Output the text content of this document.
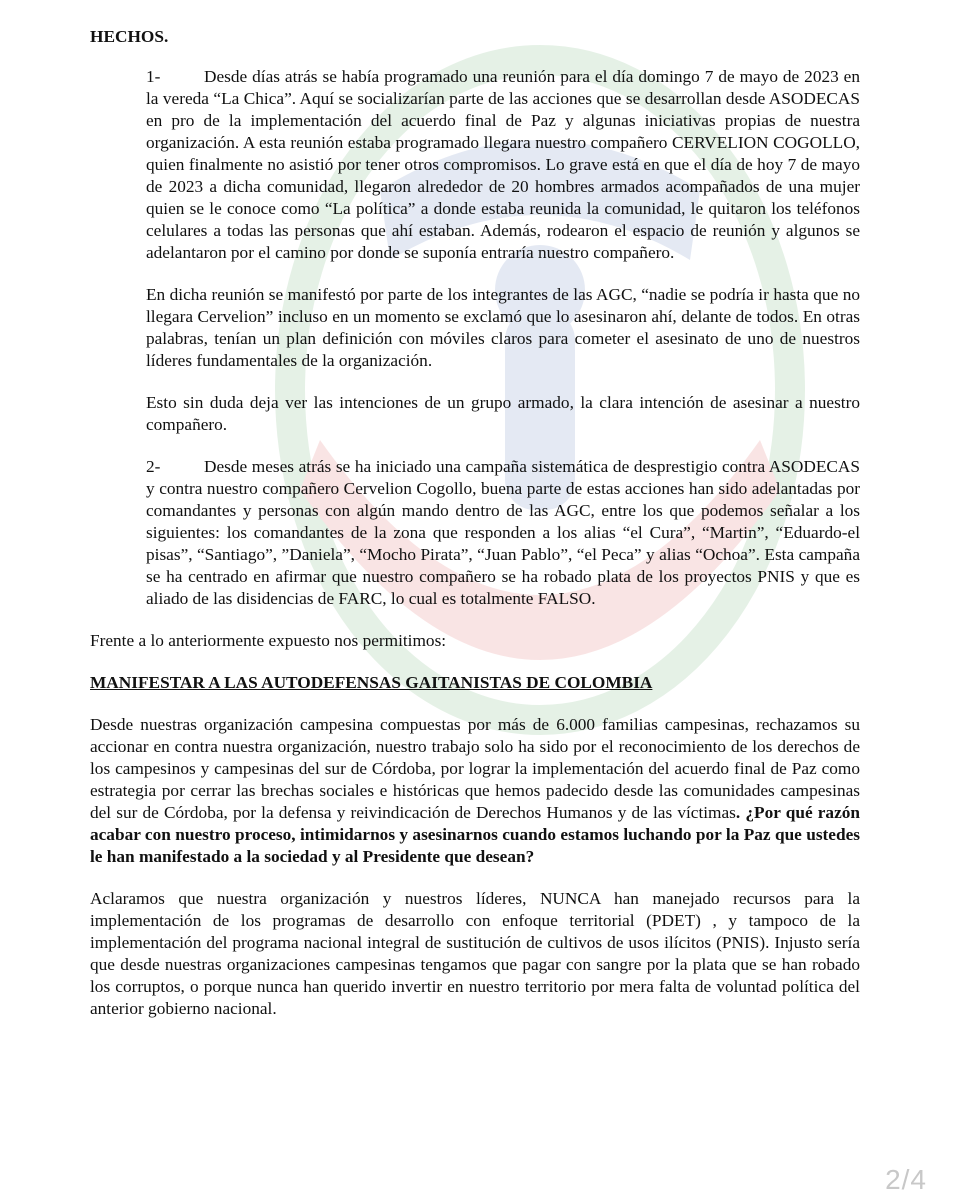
HECHOS.

1-	Desde días atrás se había programado una reunión para el día domingo 7 de mayo de 2023 en la vereda “La Chica”. Aquí se socializarían parte de las acciones que se desarrollan desde ASODECAS en pro de la implementación del acuerdo final de Paz y algunas iniciativas propias de nuestra organización. A esta reunión estaba programado llegara nuestro compañero CERVELION COGOLLO, quien finalmente no asistió por tener otros compromisos. Lo grave está en que el día de hoy 7 de mayo de 2023 a dicha comunidad, llegaron alrededor de 20 hombres armados acompañados de una mujer quien se le conoce como “La política” a donde estaba reunida la comunidad, le quitaron los teléfonos celulares a todas las personas que ahí estaban. Además, rodearon el espacio de reunión y algunos se adelantaron por el camino por donde se suponía entraría nuestro compañero.

En dicha reunión se manifestó por parte de los integrantes de las AGC, “nadie se podría ir hasta que no llegara Cervelion” incluso en un momento se exclamó que lo asesinaron ahí, delante de todos. En otras palabras, tenían un plan definición con móviles claros para cometer el asesinato de uno de nuestros líderes fundamentales de la organización.

Esto sin duda deja ver las intenciones de un grupo armado, la clara intención de asesinar a nuestro compañero.

2-	Desde meses atrás se ha iniciado una campaña sistemática de desprestigio contra ASODECAS y contra nuestro compañero Cervelion Cogollo, buena parte de estas acciones han sido adelantadas por comandantes y personas con algún mando dentro de las AGC, entre los que podemos señalar a los siguientes: los comandantes de la zona que responden a los alias “el Cura”, “Martin”, “Eduardo-el pisas”, “Santiago”, ”Daniela”, “Mocho Pirata”, “Juan Pablo”, “el Peca” y alias “Ochoa”. Esta campaña se ha centrado en afirmar que nuestro compañero se ha robado plata de los proyectos PNIS y que es aliado de las disidencias de FARC, lo cual es totalmente FALSO.

Frente a lo anteriormente expuesto nos permitimos:

MANIFESTAR A LAS AUTODEFENSAS GAITANISTAS DE COLOMBIA

Desde nuestras organización campesina compuestas por más de 6.000 familias campesinas, rechazamos su accionar en contra nuestra organización, nuestro trabajo solo ha sido por el reconocimiento de los derechos de los campesinos y campesinas del sur de Córdoba, por lograr la implementación del acuerdo final de Paz como estrategia por cerrar las brechas sociales e históricas que hemos padecido desde las comunidades campesinas del sur de Córdoba, por la defensa y reivindicación de Derechos Humanos y de las víctimas. ¿Por qué razón acabar con nuestro proceso, intimidarnos y asesinarnos cuando estamos luchando por la Paz que ustedes le han manifestado a la sociedad y al Presidente que desean?

Aclaramos que nuestra organización y nuestros líderes, NUNCA han manejado recursos para la implementación de los programas de desarrollo con enfoque territorial (PDET) , y tampoco de la implementación del programa nacional integral de sustitución de cultivos de usos ilícitos (PNIS). Injusto sería que desde nuestras organizaciones campesinas tengamos que pagar con sangre por la plata que se han robado los corruptos, o porque nunca han querido invertir en nuestro territorio por mera falta de voluntad política del anterior gobierno nacional.

2/4
